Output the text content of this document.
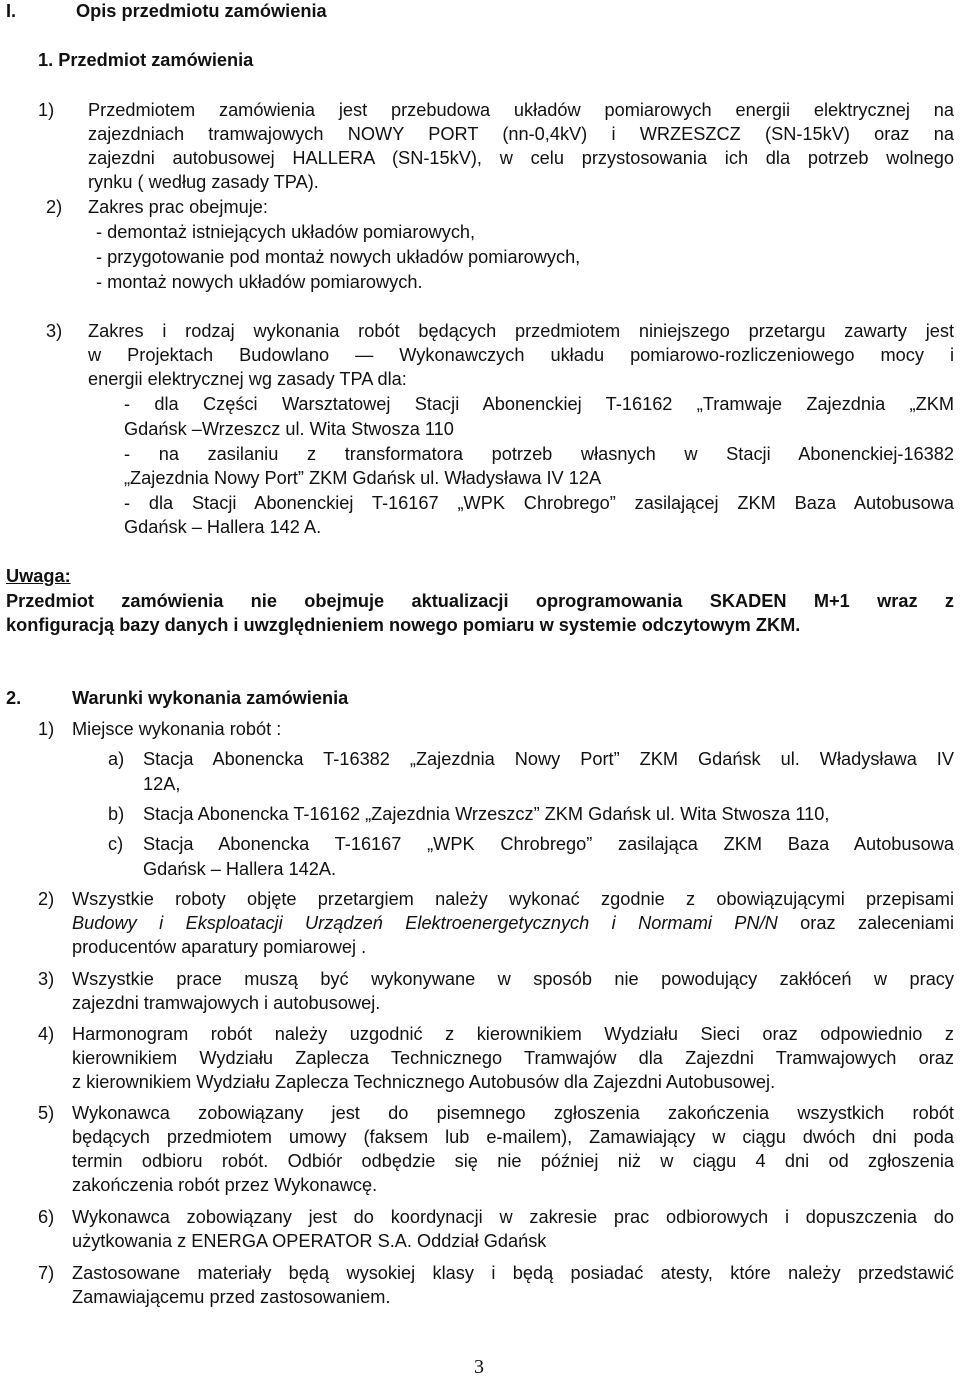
I.	Opis przedmiotu zamówienia
1. Przedmiot zamówienia
1) Przedmiotem zamówienia jest przebudowa układów pomiarowych energii elektrycznej na
zajezdniach tramwajowych NOWY PORT (nn-0,4kV) i WRZESZCZ (SN-15kV) oraz na
zajezdni autobusowej HALLERA (SN-15kV), w celu przystosowania ich dla potrzeb wolnego
rynku ( według zasady TPA).
2) Zakres prac obejmuje:
- demontaż istniejących układów pomiarowych,
- przygotowanie pod montaż nowych układów pomiarowych,
- montaż nowych układów pomiarowych.
3) Zakres i rodzaj wykonania robót będących przedmiotem niniejszego przetargu zawarty jest
w Projektach Budowlano — Wykonawczych układu pomiarowo-rozliczeniowego mocy i
energii elektrycznej wg zasady TPA dla:
- dla Części Warsztatowej Stacji Abonenckiej T-16162 „Tramwaje Zajezdnia „ZKM
Gdańsk –Wrzeszcz ul. Wita Stwosza 110
- na zasilaniu z transformatora potrzeb własnych w Stacji Abonenckiej-16382
„Zajezdnia Nowy Port” ZKM Gdańsk ul. Władysława IV 12A
- dla Stacji Abonenckiej T-16167 „WPK Chrobrego” zasilającej ZKM Baza Autobusowa
Gdańsk – Hallera 142 A.
Uwaga:
Przedmiot zamówienia nie obejmuje aktualizacji oprogramowania SKADEN M+1 wraz z
konfiguracją bazy danych i uwzględnieniem nowego pomiaru w systemie odczytowym ZKM.
2.	Warunki wykonania zamówienia
1) Miejsce wykonania robót :
a) Stacja Abonencka T-16382 „Zajezdnia Nowy Port” ZKM Gdańsk ul. Władysława IV
12A,
b) Stacja Abonencka T-16162 „Zajezdnia Wrzeszcz” ZKM Gdańsk ul. Wita Stwosza 110,
c) Stacja Abonencka T-16167 „WPK Chrobrego” zasilająca ZKM Baza Autobusowa
Gdańsk – Hallera 142A.
2) Wszystkie roboty objęte przetargiem należy wykonać zgodnie z obowiązującymi przepisami
Budowy i Eksploatacji Urządzeń Elektroenergetycznych i Normami PN/N oraz zaleceniami
producentów aparatury pomiarowej .
3) Wszystkie prace muszą być wykonywane w sposób nie powodujący zakłóceń w pracy
zajezdni tramwajowych i autobusowej.
4) Harmonogram robót należy uzgodnić z kierownikiem Wydziału Sieci oraz odpowiednio z
kierownikiem Wydziału Zaplecza Technicznego Tramwajów dla Zajezdni Tramwajowych oraz
z kierownikiem Wydziału Zaplecza Technicznego Autobusów dla Zajezdni Autobusowej.
5) Wykonawca zobowiązany jest do pisemnego zgłoszenia zakończenia wszystkich robót
będących przedmiotem umowy (faksem lub e-mailem), Zamawiający w ciągu dwóch dni poda
termin odbioru robót. Odbiór odbędzie się nie później niż w ciągu 4 dni od zgłoszenia
zakończenia robót przez Wykonawcę.
6) Wykonawca zobowiązany jest do koordynacji w zakresie prac odbiorowych i dopuszczenia do
użytkowania z ENERGA OPERATOR S.A. Oddział Gdańsk
7) Zastosowane materiały będą wysokiej klasy i będą posiadać atesty, które należy przedstawić
Zamawiającemu przed zastosowaniem.
3
